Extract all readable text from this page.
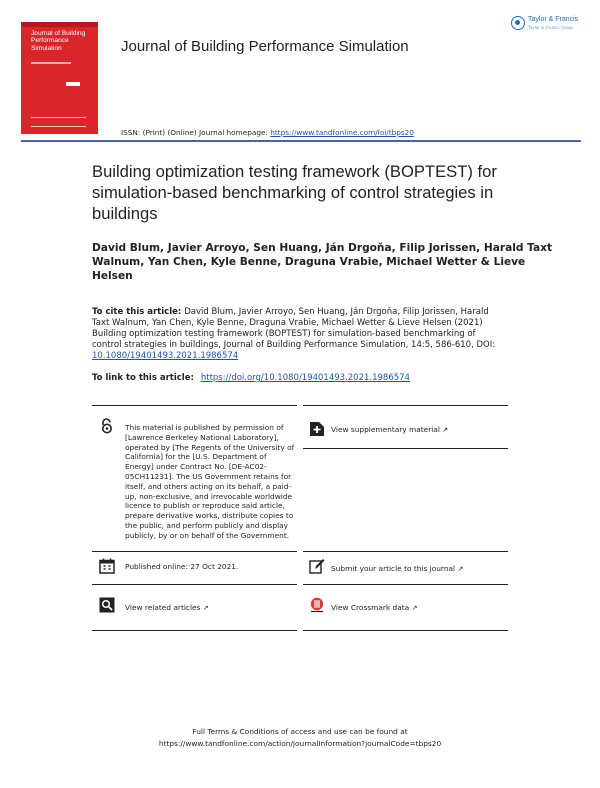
Journal of Building
Performance
Simulation	Journal of Building Performance Simulation
Taylor & Francis
Taylor & Francis Group
ISSN: (Print) (Online) Journal homepage: https://www.tandfonline.com/loi/tbps20
Building optimization testing framework (BOPTEST) for simulation-based benchmarking of control strategies in buildings
David Blum, Javier Arroyo, Sen Huang, Ján Drgoňa, Filip Jorissen, Harald Taxt Walnum, Yan Chen, Kyle Benne, Draguna Vrabie, Michael Wetter & Lieve Helsen
To cite this article: David Blum, Javier Arroyo, Sen Huang, Ján Drgoňa, Filip Jorissen, Harald Taxt Walnum, Yan Chen, Kyle Benne, Draguna Vrabie, Michael Wetter & Lieve Helsen (2021) Building optimization testing framework (BOPTEST) for simulation-based benchmarking of control strategies in buildings, Journal of Building Performance Simulation, 14:5, 586-610, DOI: 10.1080/19401493.2021.1986574
To link to this article: https://doi.org/10.1080/19401493.2021.1986574
This material is published by permission of [Lawrence Berkeley National Laboratory], operated by [The Regents of the University of California] for the [U.S. Department of Energy] under Contract No. [DE-AC02-05CH11231]. The US Government retains for itself, and others acting on its behalf, a paid-up, non-exclusive, and irrevocable worldwide licence to publish or reproduce said article, prepare derivative works, distribute copies to the public, and perform publicly and display publicly, by or on behalf of the Government.
View supplementary material ↗
Published online: 27 Oct 2021.	Submit your article to this journal ↗
View related articles ↗	View Crossmark data ↗
Full Terms & Conditions of access and use can be found at
https://www.tandfonline.com/action/journalInformation?journalCode=tbps20
